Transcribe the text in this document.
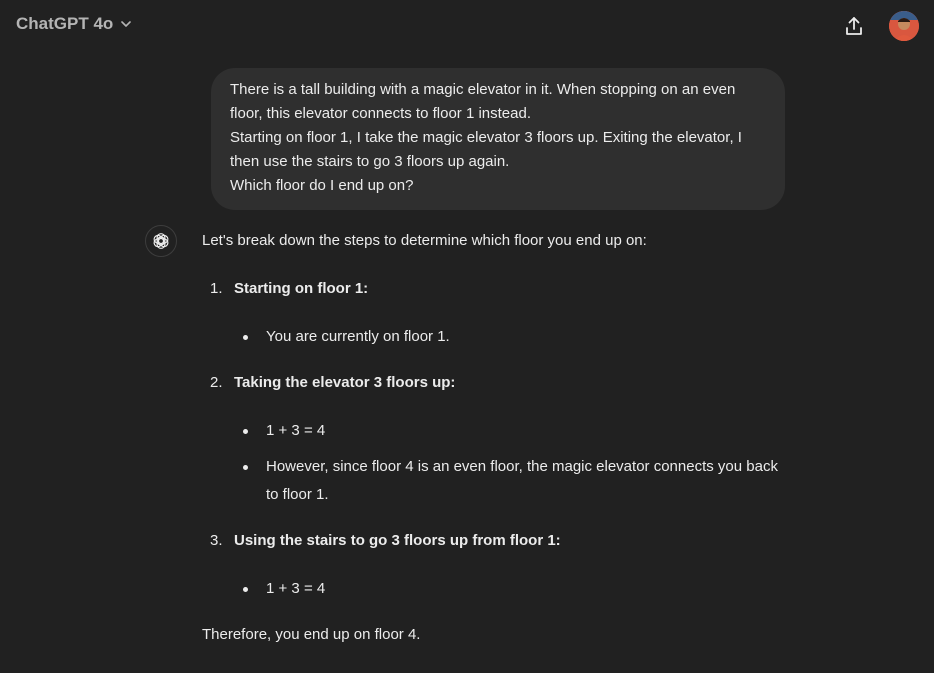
ChatGPT 4o

There is a tall building with a magic elevator in it. When stopping on an even floor, this elevator connects to floor 1 instead.

Starting on floor 1, I take the magic elevator 3 floors up. Exiting the elevator, I then use the stairs to go 3 floors up again.

Which floor do I end up on?

Let's break down the steps to determine which floor you end up on:

1. Starting on floor 1:
You are currently on floor 1.
2. Taking the elevator 3 floors up:
1 + 3 = 4
However, since floor 4 is an even floor, the magic elevator connects you back to floor 1.
3. Using the stairs to go 3 floors up from floor 1:
1 + 3 = 4

Therefore, you end up on floor 4.
